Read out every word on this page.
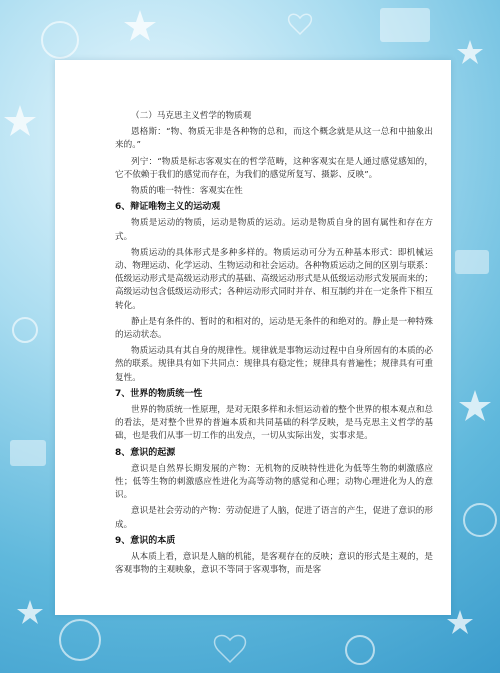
（二）马克思主义哲学的物质观
恩格斯：“物、物质无非是各种物的总和，而这个概念就是从这一总和中抽象出来的。”
列宁：“物质是标志客观实在的哲学范畴，这种客观实在是人通过感觉感知的，它不依赖于我们的感觉而存在，为我们的感觉所复写、摄影、反映”。
物质的唯一特性：客观实在性
6、辩证唯物主义的运动观
物质是运动的物质，运动是物质的运动。运动是物质自身的固有属性和存在方式。
物质运动的具体形式是多种多样的。物质运动可分为五种基本形式：即机械运动、物理运动、化学运动、生物运动和社会运动。各种物质运动之间的区别与联系：低级运动形式是高级运动形式的基础、高级运动形式是从低级运动形式发展而来的；高级运动包含低级运动形式；各种运动形式同时并存、相互制约并在一定条件下相互转化。
静止是有条件的、暂时的和相对的，运动是无条件的和绝对的。静止是一种特殊的运动状态。
物质运动具有其自身的规律性。规律就是事物运动过程中自身所固有的本质的必然的联系。规律具有如下共同点：规律具有稳定性；规律具有普遍性；规律具有可重复性。
7、世界的物质统一性
世界的物质统一性原理，是对无限多样和永恒运动着的整个世界的根本观点和总的看法，是对整个世界的普遍本质和共同基础的科学反映，是马克思主义哲学的基础，也是我们从事一切工作的出发点，一切从实际出发，实事求是。
8、意识的起源
意识是自然界长期发展的产物：无机物的反映特性进化为低等生物的刺激感应性；低等生物的刺激感应性进化为高等动物的感觉和心理；动物心理进化为人的意识。
意识是社会劳动的产物：劳动促进了人脑，促进了语言的产生，促进了意识的形成。
9、意识的本质
从本质上看，意识是人脑的机能，是客观存在的反映；意识的形式是主观的，是客观事物的主观映象，意识不等同于客观事物，而是客
